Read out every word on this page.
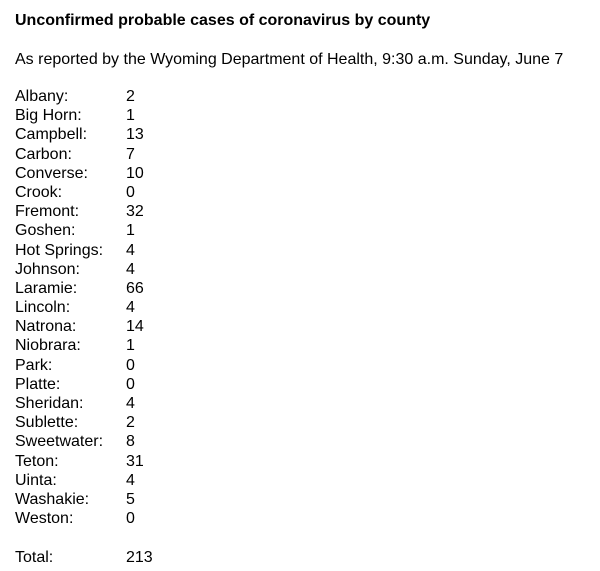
Unconfirmed probable cases of coronavirus by county
As reported by the Wyoming Department of Health, 9:30 a.m. Sunday, June 7
Albany:	2
Big Horn:	1
Campbell:	13
Carbon:	7
Converse:	10
Crook:	0
Fremont:	32
Goshen:	1
Hot Springs:	4
Johnson:	4
Laramie:	66
Lincoln:	4
Natrona:	14
Niobrara:	1
Park:	0
Platte:	0
Sheridan:	4
Sublette:	2
Sweetwater:	8
Teton:	31
Uinta:	4
Washakie:	5
Weston:	0
Total:	213
